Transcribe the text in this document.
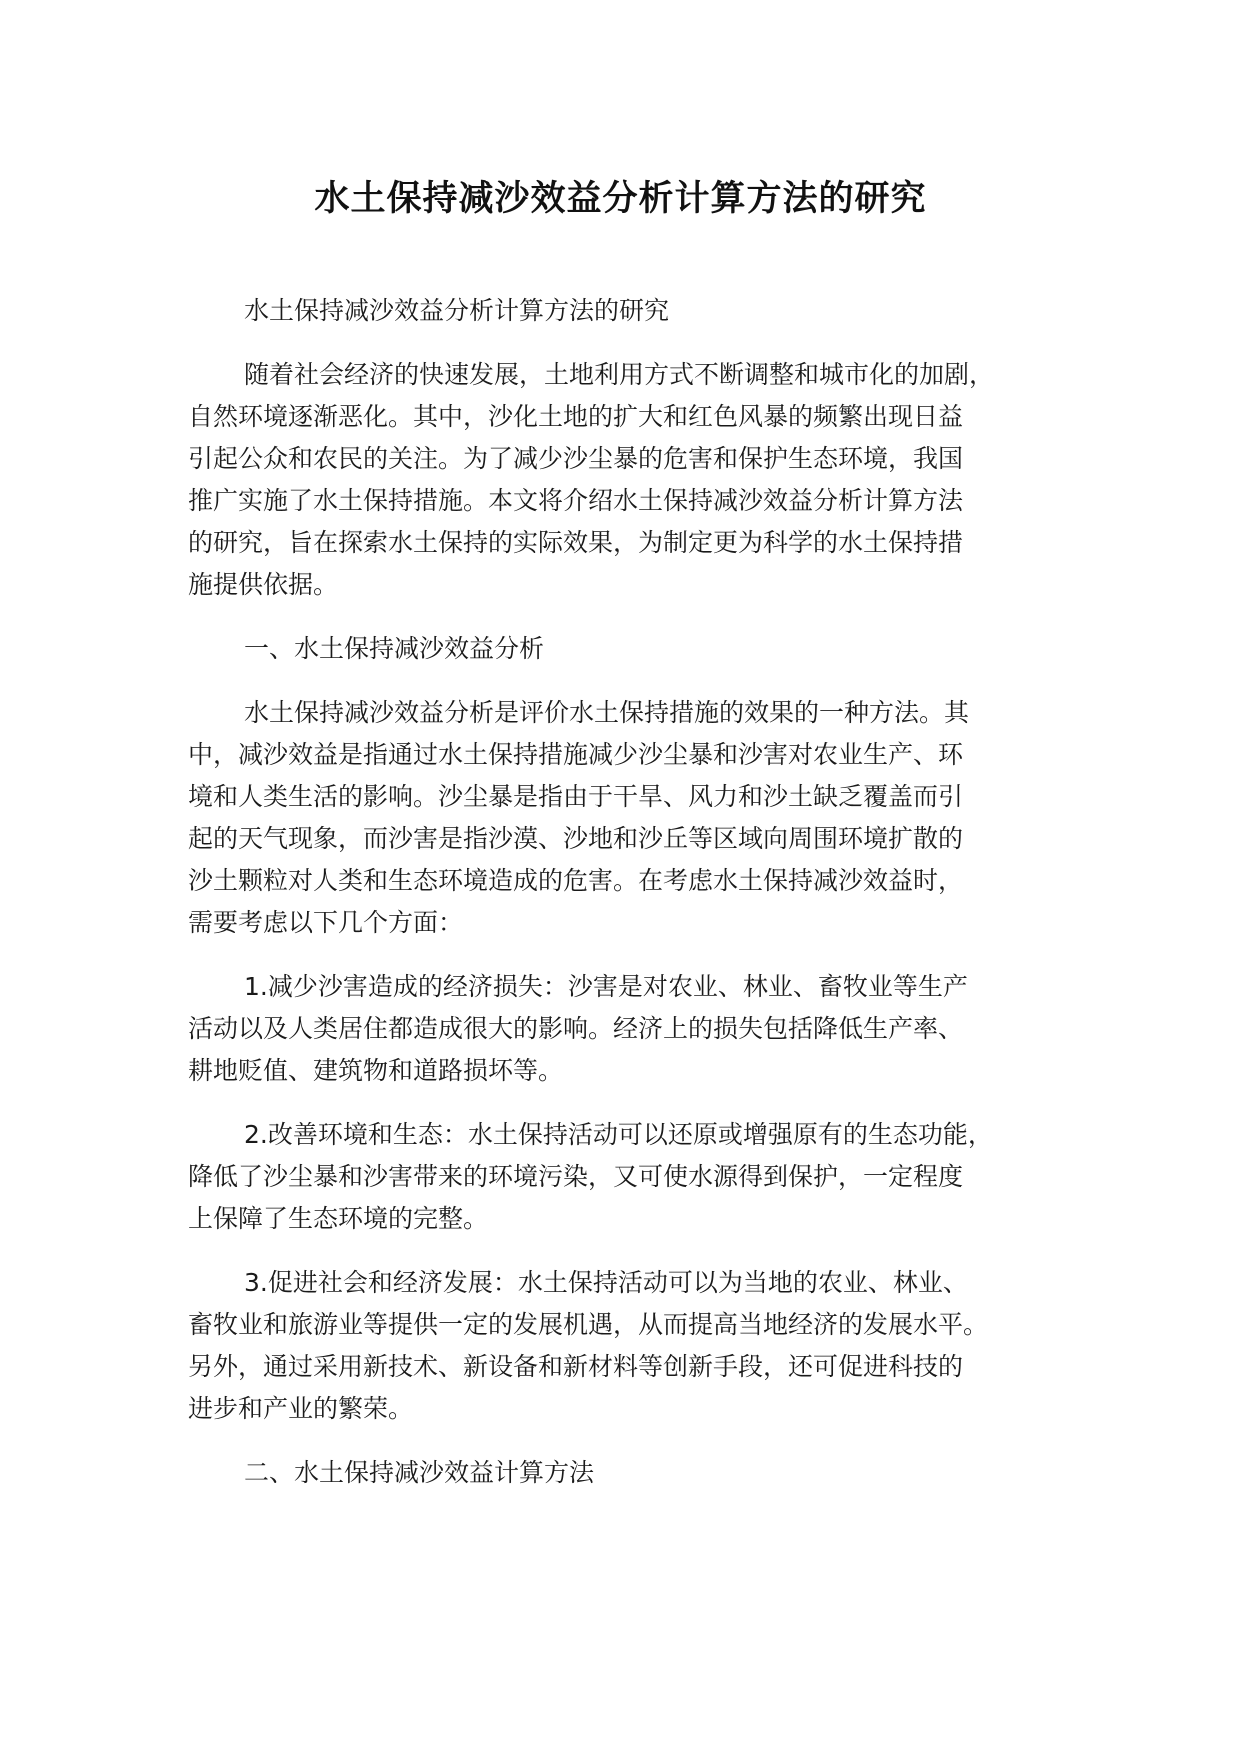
水土保持减沙效益分析计算方法的研究

水土保持减沙效益分析计算方法的研究

随着社会经济的快速发展，土地利用方式不断调整和城市化的加剧，
自然环境逐渐恶化。其中，沙化土地的扩大和红色风暴的频繁出现日益
引起公众和农民的关注。为了减少沙尘暴的危害和保护生态环境，我国
推广实施了水土保持措施。本文将介绍水土保持减沙效益分析计算方法
的研究，旨在探索水土保持的实际效果，为制定更为科学的水土保持措
施提供依据。

一、水土保持减沙效益分析

水土保持减沙效益分析是评价水土保持措施的效果的一种方法。其
中，减沙效益是指通过水土保持措施减少沙尘暴和沙害对农业生产、环
境和人类生活的影响。沙尘暴是指由于干旱、风力和沙土缺乏覆盖而引
起的天气现象，而沙害是指沙漠、沙地和沙丘等区域向周围环境扩散的
沙土颗粒对人类和生态环境造成的危害。在考虑水土保持减沙效益时，
需要考虑以下几个方面：

1.减少沙害造成的经济损失：沙害是对农业、林业、畜牧业等生产
活动以及人类居住都造成很大的影响。经济上的损失包括降低生产率、
耕地贬值、建筑物和道路损坏等。

2.改善环境和生态：水土保持活动可以还原或增强原有的生态功能，
降低了沙尘暴和沙害带来的环境污染，又可使水源得到保护，一定程度
上保障了生态环境的完整。

3.促进社会和经济发展：水土保持活动可以为当地的农业、林业、
畜牧业和旅游业等提供一定的发展机遇，从而提高当地经济的发展水平。
另外，通过采用新技术、新设备和新材料等创新手段，还可促进科技的
进步和产业的繁荣。

二、水土保持减沙效益计算方法
